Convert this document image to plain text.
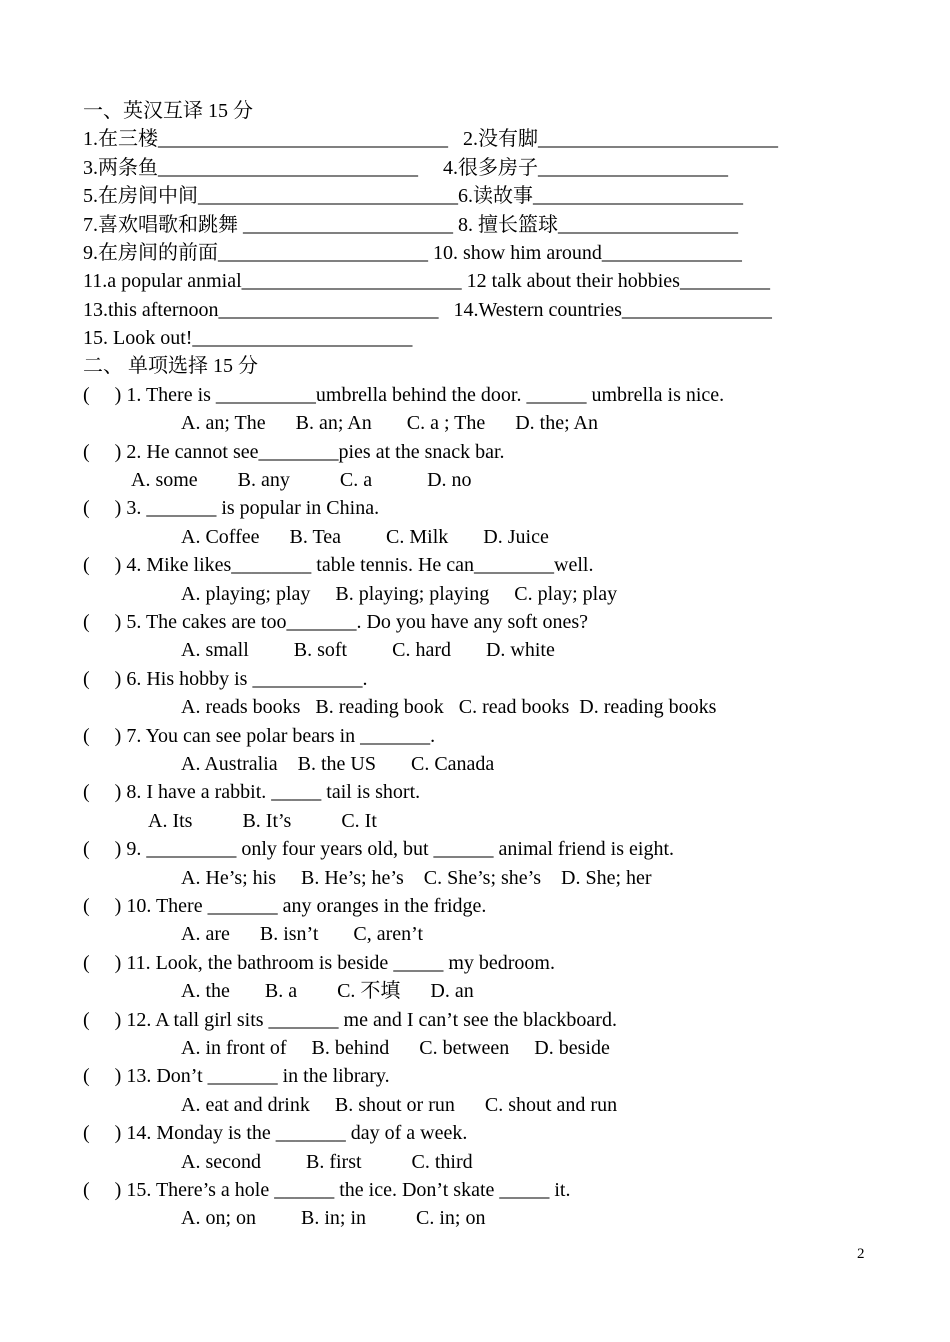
一、英汉互译 15 分
1.在三楼_____________________________   2.没有脚________________________
3.两条鱼__________________________     4.很多房子___________________
5.在房间中间__________________________6.读故事_____________________
7.喜欢唱歌和跳舞 _____________________ 8. 擅长篮球__________________
9.在房间的前面_____________________ 10. show him around______________
11.a popular anmial______________________ 12 talk about their hobbies_________
13.this afternoon______________________   14.Western countries_______________
15. Look out!______________________
二、 单项选择 15 分
(     ) 1. There is __________umbrella behind the door. ______ umbrella is nice.
A. an; The      B. an; An       C. a ; The      D. the; An
(     ) 2. He cannot see________pies at the snack bar.
A. some        B. any          C. a           D. no
(     ) 3. _______ is popular in China.
A. Coffee      B. Tea         C. Milk       D. Juice
(     ) 4. Mike likes________ table tennis. He can________well.
A. playing; play     B. playing; playing     C. play; play
(     ) 5. The cakes are too_______. Do you have any soft ones?
A. small         B. soft         C. hard       D. white
(     ) 6. His hobby is ___________.
A. reads books   B. reading book   C. read books  D. reading books
(     ) 7. You can see polar bears in _______.
A. Australia    B. the US       C. Canada
(     ) 8. I have a rabbit. _____ tail is short.
A. Its          B. It’s          C. It
(     ) 9. _________ only four years old, but ______ animal friend is eight.
A. He’s; his     B. He’s; he’s    C. She’s; she’s    D. She; her
(     ) 10. There _______ any oranges in the fridge.
A. are      B. isn’t       C, aren’t
(     ) 11. Look, the bathroom is beside _____ my bedroom.
A. the       B. a        C. 不填      D. an
(     ) 12. A tall girl sits _______ me and I can’t see the blackboard.
A. in front of     B. behind      C. between     D. beside
(     ) 13. Don’t _______ in the library.
A. eat and drink     B. shout or run      C. shout and run
(     ) 14. Monday is the _______ day of a week.
A. second         B. first          C. third
(     ) 15. There’s a hole ______ the ice. Don’t skate _____ it.
A. on; on         B. in; in          C. in; on
2
